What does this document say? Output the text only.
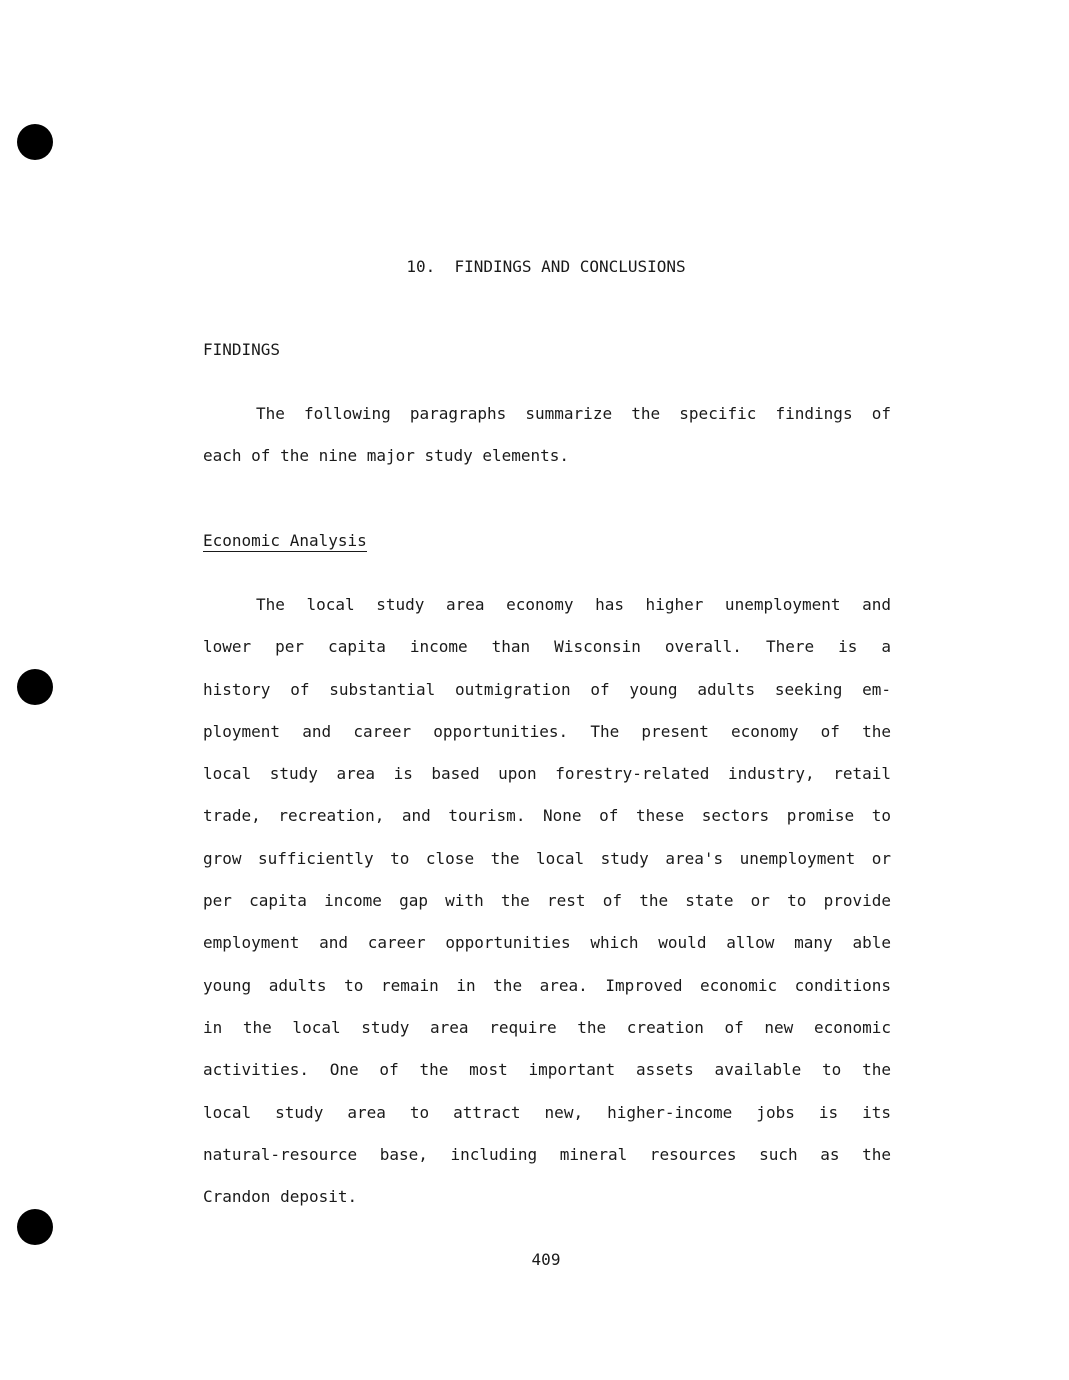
10.  FINDINGS AND CONCLUSIONS
FINDINGS
The following paragraphs summarize the specific findings of
each of the nine major study elements.
Economic Analysis
The local study area economy has higher unemployment and
lower per capita income than Wisconsin overall. There is a
history of substantial outmigration of young adults seeking em-
ployment and career opportunities. The present economy of the
local study area is based upon forestry-related industry, retail
trade, recreation, and tourism. None of these sectors promise to
grow sufficiently to close the local study area's unemployment or
per capita income gap with the rest of the state or to provide
employment and career opportunities which would allow many able
young adults to remain in the area. Improved economic conditions
in the local study area require the creation of new economic
activities. One of the most important assets available to the
local study area to attract new, higher-income jobs is its
natural-resource base, including mineral resources such as the
Crandon deposit.
409
